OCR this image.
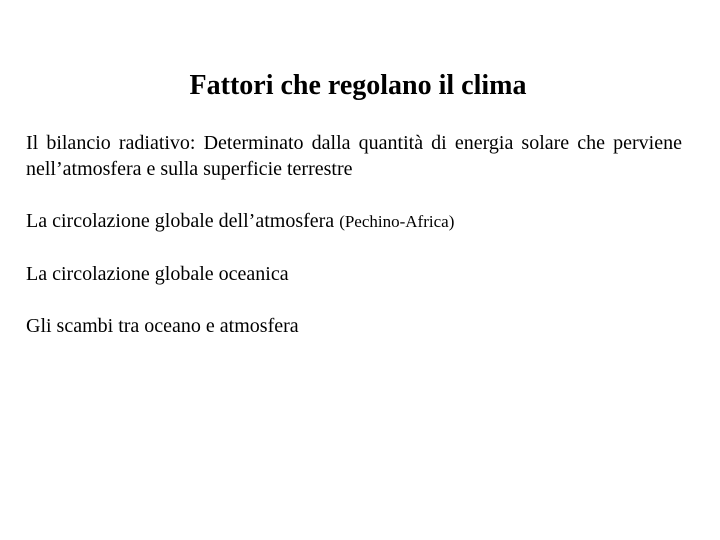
Fattori che regolano il clima

Il bilancio radiativo: Determinato dalla quantità di energia solare che perviene nell’atmosfera e sulla superficie terrestre

La circolazione globale dell’atmosfera (Pechino-Africa)

La circolazione globale oceanica

Gli scambi tra oceano e atmosfera
